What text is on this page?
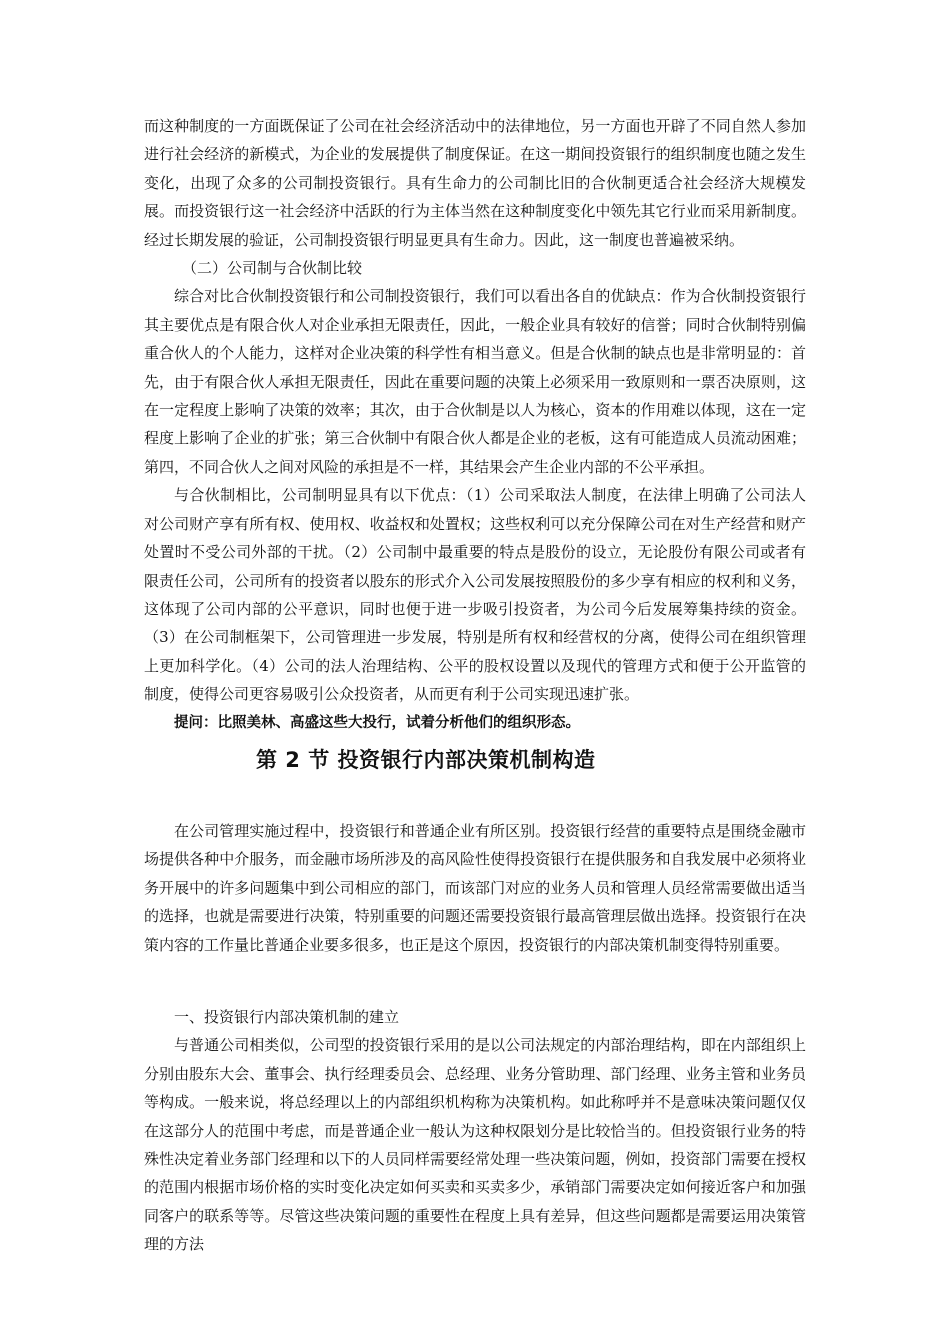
而这种制度的一方面既保证了公司在社会经济活动中的法律地位，另一方面也开辟了不同自然人参加进行社会经济的新模式，为企业的发展提供了制度保证。在这一期间投资银行的组织制度也随之发生变化，出现了众多的公司制投资银行。具有生命力的公司制比旧的合伙制更适合社会经济大规模发展。而投资银行这一社会经济中活跃的行为主体当然在这种制度变化中领先其它行业而采用新制度。经过长期发展的验证，公司制投资银行明显更具有生命力。因此，这一制度也普遍被采纳。

（二）公司制与合伙制比较

综合对比合伙制投资银行和公司制投资银行，我们可以看出各自的优缺点：作为合伙制投资银行其主要优点是有限合伙人对企业承担无限责任，因此，一般企业具有较好的信誉；同时合伙制特别偏重合伙人的个人能力，这样对企业决策的科学性有相当意义。但是合伙制的缺点也是非常明显的：首先，由于有限合伙人承担无限责任，因此在重要问题的决策上必须采用一致原则和一票否决原则，这在一定程度上影响了决策的效率；其次，由于合伙制是以人为核心，资本的作用难以体现，这在一定程度上影响了企业的扩张；第三合伙制中有限合伙人都是企业的老板，这有可能造成人员流动困难；第四，不同合伙人之间对风险的承担是不一样，其结果会产生企业内部的不公平承担。

与合伙制相比，公司制明显具有以下优点：（1）公司采取法人制度，在法律上明确了公司法人对公司财产享有所有权、使用权、收益权和处置权；这些权利可以充分保障公司在对生产经营和财产处置时不受公司外部的干扰。（2）公司制中最重要的特点是股份的设立，无论股份有限公司或者有限责任公司，公司所有的投资者以股东的形式介入公司发展按照股份的多少享有相应的权利和义务，这体现了公司内部的公平意识，同时也便于进一步吸引投资者，为公司今后发展筹集持续的资金。（3）在公司制框架下，公司管理进一步发展，特别是所有权和经营权的分离，使得公司在组织管理上更加科学化。（4）公司的法人治理结构、公平的股权设置以及现代的管理方式和便于公开监管的制度，使得公司更容易吸引公众投资者，从而更有利于公司实现迅速扩张。

提问：比照美林、高盛这些大投行，试着分析他们的组织形态。

第 2 节 投资银行内部决策机制构造

在公司管理实施过程中，投资银行和普通企业有所区别。投资银行经营的重要特点是围绕金融市场提供各种中介服务，而金融市场所涉及的高风险性使得投资银行在提供服务和自我发展中必须将业务开展中的许多问题集中到公司相应的部门，而该部门对应的业务人员和管理人员经常需要做出适当的选择，也就是需要进行决策，特别重要的问题还需要投资银行最高管理层做出选择。投资银行在决策内容的工作量比普通企业要多很多，也正是这个原因，投资银行的内部决策机制变得特别重要。

一、投资银行内部决策机制的建立

与普通公司相类似，公司型的投资银行采用的是以公司法规定的内部治理结构，即在内部组织上分别由股东大会、董事会、执行经理委员会、总经理、业务分管助理、部门经理、业务主管和业务员等构成。一般来说，将总经理以上的内部组织机构称为决策机构。如此称呼并不是意味决策问题仅仅在这部分人的范围中考虑，而是普通企业一般认为这种权限划分是比较恰当的。但投资银行业务的特殊性决定着业务部门经理和以下的人员同样需要经常处理一些决策问题，例如，投资部门需要在授权的范围内根据市场价格的实时变化决定如何买卖和买卖多少，承销部门需要决定如何接近客户和加强同客户的联系等等。尽管这些决策问题的重要性在程度上具有差异，但这些问题都是需要运用决策管理的方法
